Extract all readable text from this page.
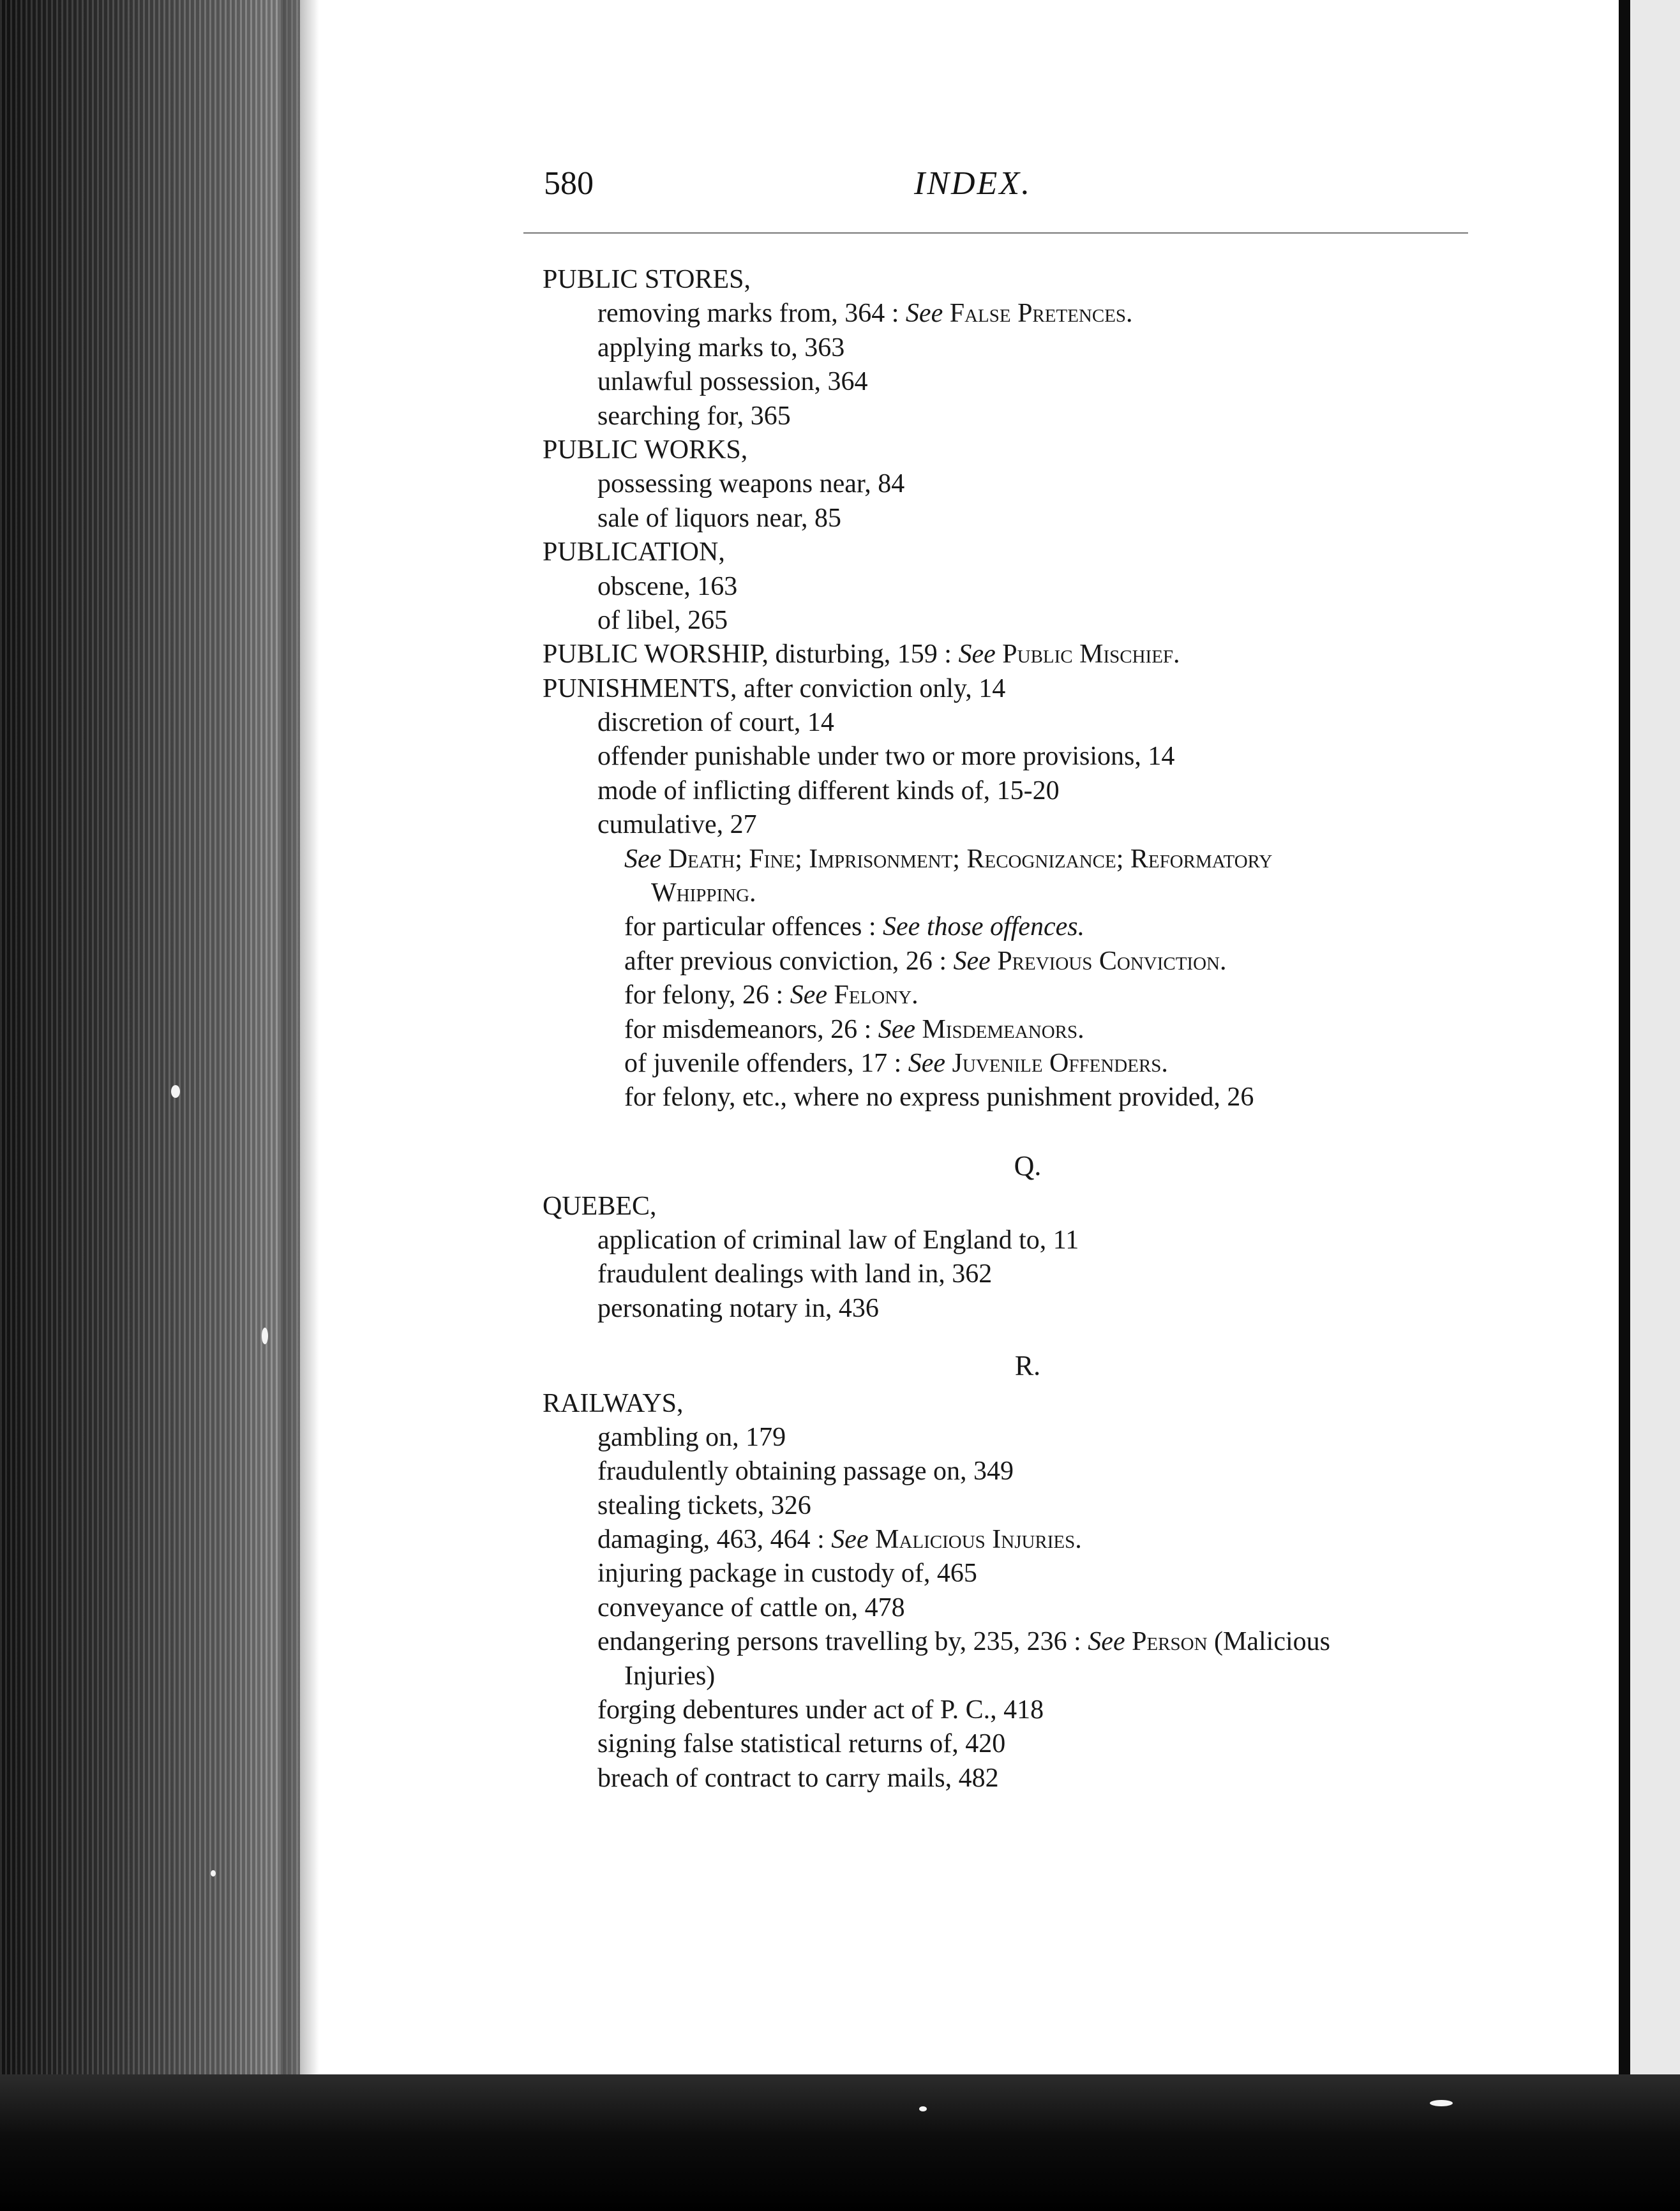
580	INDEX.
PUBLIC STORES,
removing marks from, 364 : See False Pretences.
applying marks to, 363
unlawful possession, 364
searching for, 365
PUBLIC WORKS,
possessing weapons near, 84
sale of liquors near, 85
PUBLICATION,
obscene, 163
of libel, 265
PUBLIC WORSHIP, disturbing, 159 : See Public Mischief.
PUNISHMENTS, after conviction only, 14
discretion of court, 14
offender punishable under two or more provisions, 14
mode of inflicting different kinds of, 15-20
cumulative, 27
See Death; Fine; Imprisonment; Recognizance; Reformatory
Whipping.
for particular offences : See those offences.
after previous conviction, 26 : See Previous Conviction.
for felony, 26 : See Felony.
for misdemeanors, 26 : See Misdemeanors.
of juvenile offenders, 17 : See Juvenile Offenders.
for felony, etc., where no express punishment provided, 26
Q.
QUEBEC,
application of criminal law of England to, 11
fraudulent dealings with land in, 362
personating notary in, 436
R.
RAILWAYS,
gambling on, 179
fraudulently obtaining passage on, 349
stealing tickets, 326
damaging, 463, 464 : See Malicious Injuries.
injuring package in custody of, 465
conveyance of cattle on, 478
endangering persons travelling by, 235, 236 : See Person (Malicious
Injuries)
forging debentures under act of P. C., 418
signing false statistical returns of, 420
breach of contract to carry mails, 482
